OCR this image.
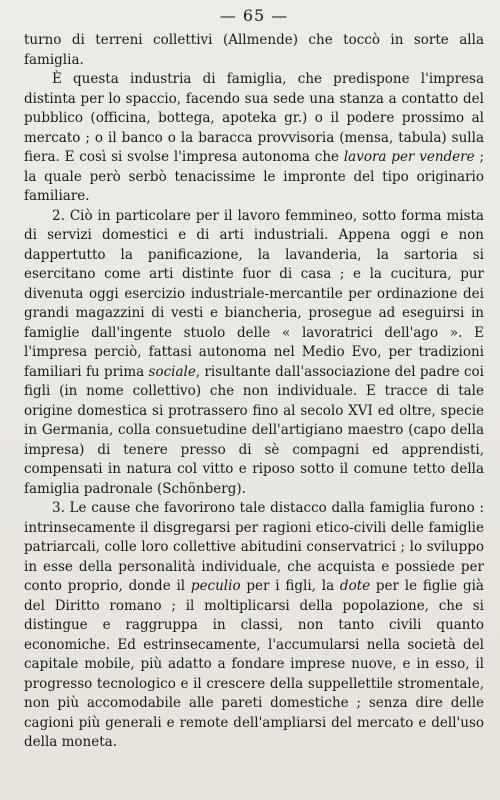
— 65 —

turno di terreni collettivi (Allmende) che toccò in sorte alla famiglia.

È questa industria di famiglia, che predispone l'impresa distinta per lo spaccio, facendo sua sede una stanza a contatto del pubblico (officina, bottega, apoteka gr.) o il podere prossimo al mercato ; o il banco o la baracca provvisoria (mensa, tabula) sulla fiera. E così si svolse l'impresa autonoma che lavora per vendere ; la quale però serbò tenacissime le impronte del tipo originario familiare.

2. Ciò in particolare per il lavoro femmineo, sotto forma mista di servizi domestici e di arti industriali. Appena oggi e non dappertutto la panificazione, la lavanderia, la sartoria si esercitano come arti distinte fuor di casa ; e la cucitura, pur divenuta oggi esercizio industriale-mercantile per ordinazione dei grandi magazzini di vesti e biancheria, prosegue ad eseguirsi in famiglie dall'ingente stuolo delle « lavoratrici dell'ago ». E l'impresa perciò, fattasi autonoma nel Medio Evo, per tradizioni familiari fu prima sociale, risultante dall'associazione del padre coi figli (in nome collettivo) che non individuale. E tracce di tale origine domestica si protrassero fino al secolo XVI ed oltre, specie in Germania, colla consuetudine dell'artigiano maestro (capo della impresa) di tenere presso di sè compagni ed apprendisti, compensati in natura col vitto e riposo sotto il comune tetto della famiglia padronale (Schönberg).

3. Le cause che favorirono tale distacco dalla famiglia furono : intrinsecamente il disgregarsi per ragioni etico-civili delle famiglie patriarcali, colle loro collettive abitudini conservatrici ; lo sviluppo in esse della personalità individuale, che acquista e possiede per conto proprio, donde il peculio per i figli, la dote per le figlie già del Diritto romano ; il moltiplicarsi della popolazione, che si distingue e raggruppa in classi, non tanto civili quanto economiche. Ed estrinsecamente, l'accumularsi nella società del capitale mobile, più adatto a fondare imprese nuove, e in esso, il progresso tecnologico e il crescere della suppellettile stromentale, non più accomodabile alle pareti domestiche ; senza dire delle cagioni più generali e remote dell'ampliarsi del mercato e dell'uso della moneta.
